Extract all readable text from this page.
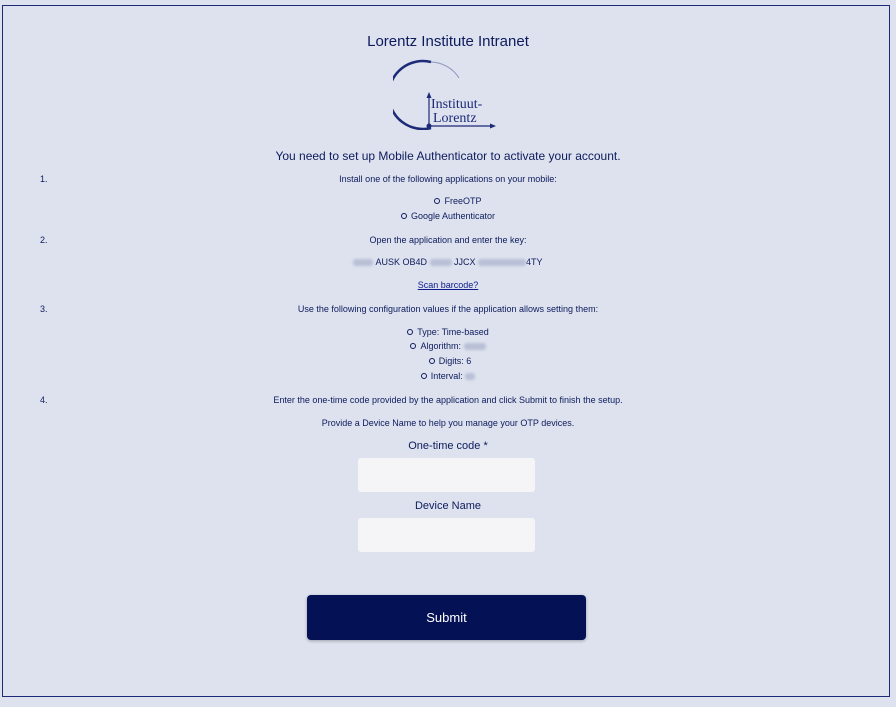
Lorentz Institute Intranet
Instituut-
Lorentz
You need to set up Mobile Authenticator to activate your account.
1.	Install one of the following applications on your mobile:
FreeOTP
Google Authenticator
2.	Open the application and enter the key:
AUSK OB4D	JJCX	4TY
Scan barcode?
3.	Use the following configuration values if the application allows setting them:
Type: Time-based
Algorithm:
Digits: 6
Interval:
4.	Enter the one-time code provided by the application and click Submit to finish the setup.
Provide a Device Name to help you manage your OTP devices.
One-time code *
Device Name
Submit
